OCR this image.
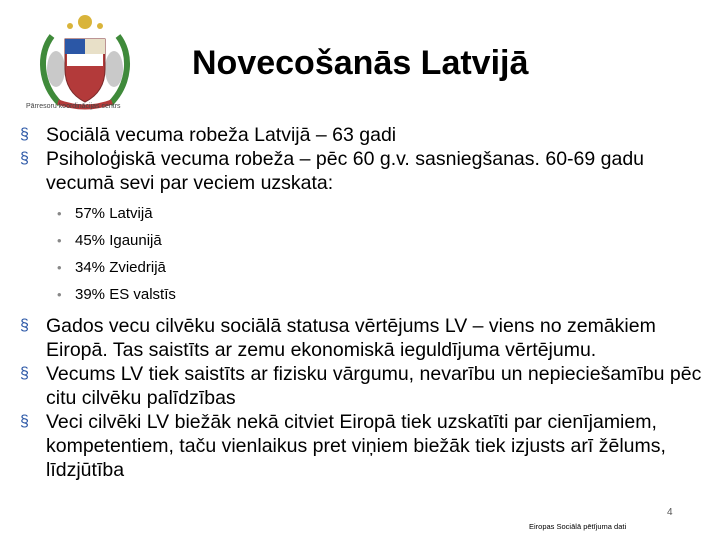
Pārresoru koordinācijas centrs
Novecošanās Latvijā
§ Sociālā vecuma robeža Latvijā – 63 gadi
§ Psiholoģiskā vecuma robeža – pēc 60 g.v. sasniegšanas. 60-69 gadu vecumā sevi par veciem uzskata:
• 57% Latvijā
• 45% Igaunijā
• 34% Zviedrijā
• 39% ES valstīs
§ Gados vecu cilvēku sociālā statusa vērtējums LV – viens no zemākiem Eiropā. Tas saistīts ar zemu ekonomiskā ieguldījuma vērtējumu.
§ Vecums LV tiek saistīts ar fizisku vārgumu, nevarību un nepieciešamību pēc citu cilvēku palīdzības
§ Veci cilvēki LV biežāk nekā citviet Eiropā tiek uzskatīti par cienījamiem, kompetentiem, taču vienlaikus pret viņiem biežāk tiek izjusts arī žēlums, līdzjūtība
Eiropas Sociālā pētījuma dati
4
